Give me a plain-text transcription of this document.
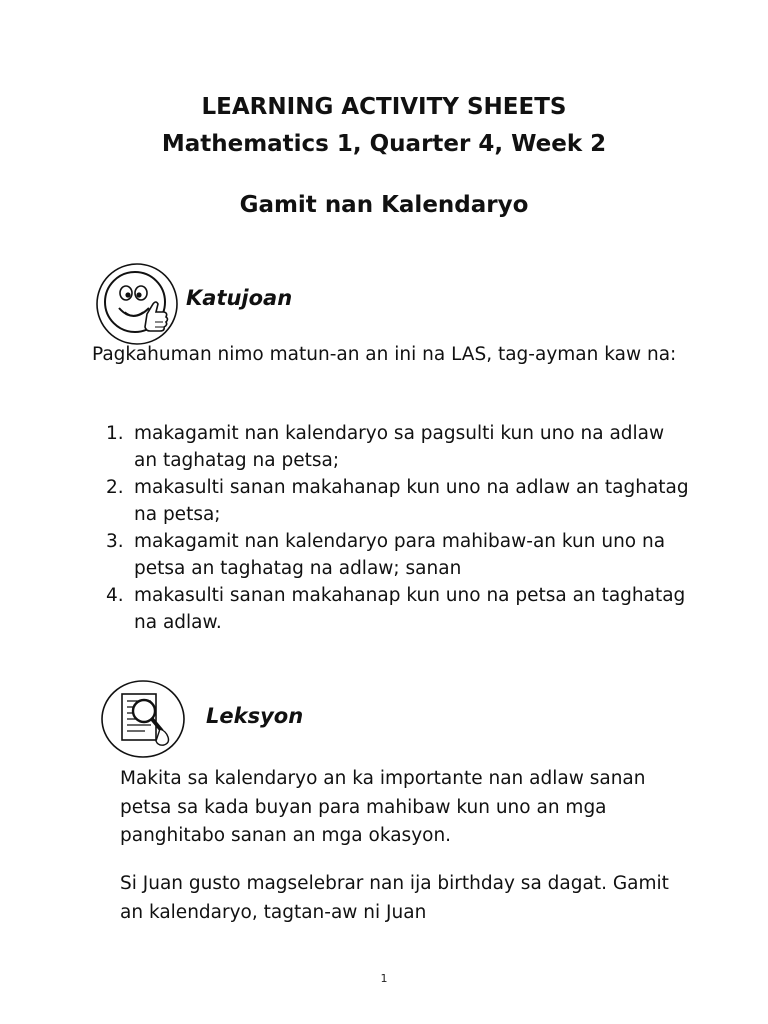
LEARNING ACTIVITY SHEETS
Mathematics 1, Quarter 4, Week 2
Gamit nan Kalendaryo
Katujoan
Pagkahuman nimo matun-an an ini na LAS, tag-ayman kaw na:
1. makagamit nan kalendaryo sa pagsulti kun uno na adlaw an taghatag na petsa;
2. makasulti sanan makahanap kun uno na adlaw an taghatag na petsa;
3. makagamit nan kalendaryo para mahibaw-an kun uno na petsa an taghatag na adlaw; sanan
4. makasulti sanan makahanap kun uno na petsa an taghatag na adlaw.
Leksyon
Makita sa kalendaryo an ka importante nan adlaw sanan petsa sa kada buyan para mahibaw kun uno an mga panghitabo sanan an mga okasyon.
Si Juan gusto magselebrar nan ija birthday sa dagat. Gamit an kalendaryo, tagtan-aw ni Juan
1
